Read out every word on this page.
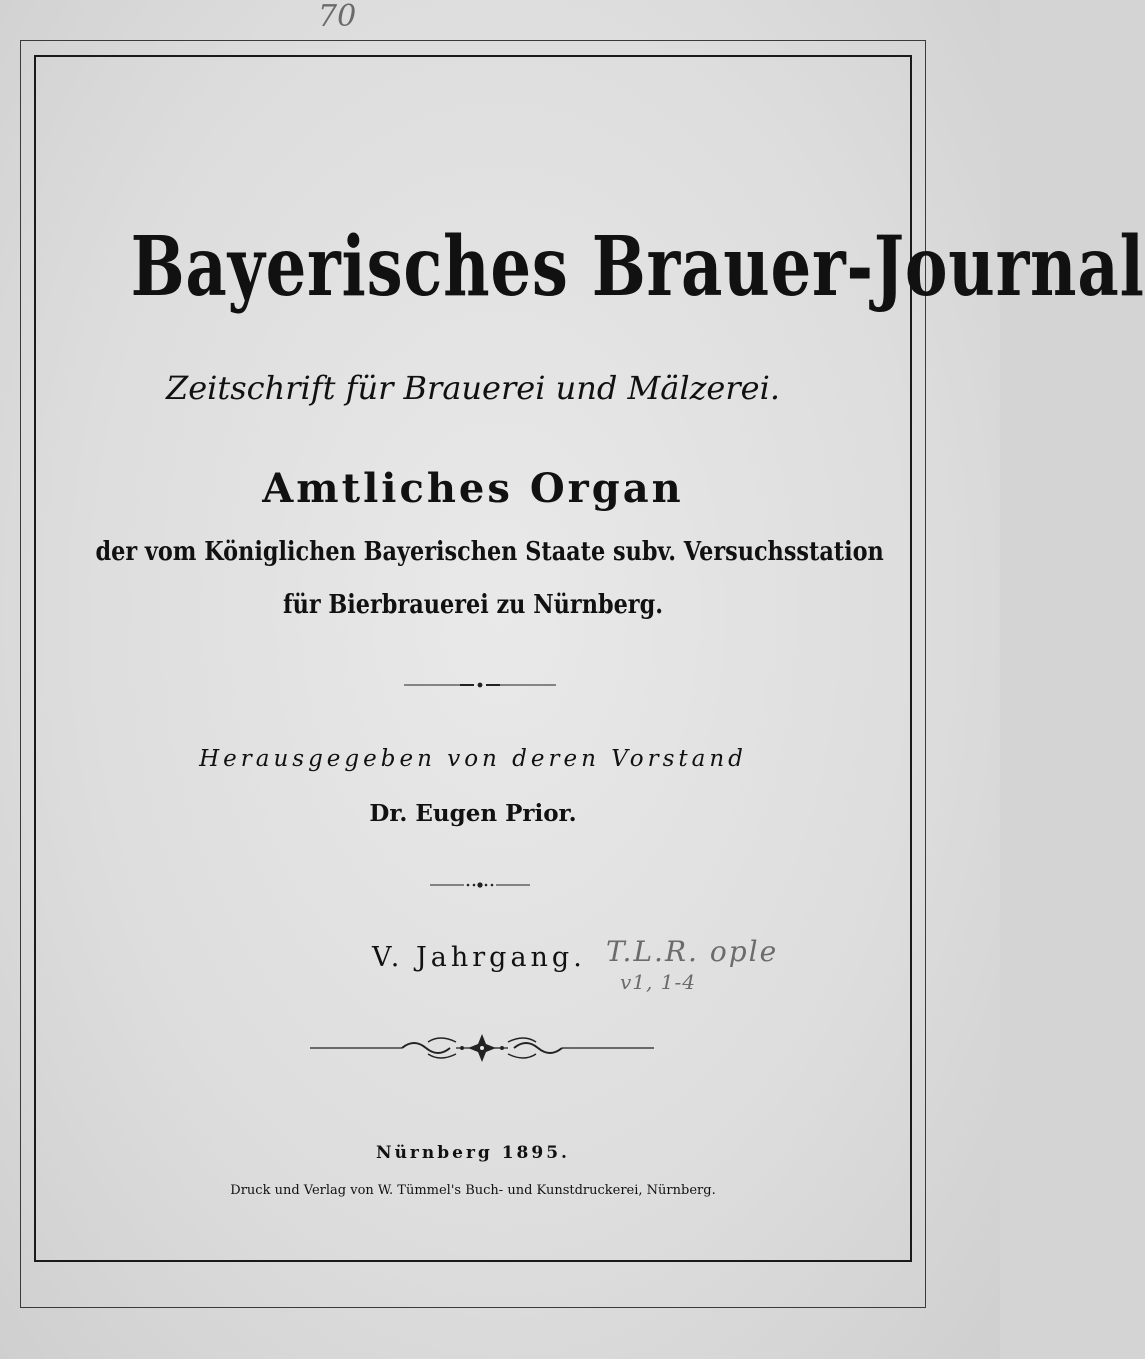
70
Bayerisches Brauer-Journal
Zeitschrift für Brauerei und Mälzerei.
Amtliches Organ
der vom Königlichen Bayerischen Staate subv. Versuchsstation
für Bierbrauerei zu Nürnberg.
Herausgegeben von deren Vorstand
Dr. Eugen Prior.
V. Jahrgang. T.L.R. ople
v1, 1-4
Nürnberg 1895.
Druck und Verlag von W. Tümmel's Buch- und Kunstdruckerei, Nürnberg.
